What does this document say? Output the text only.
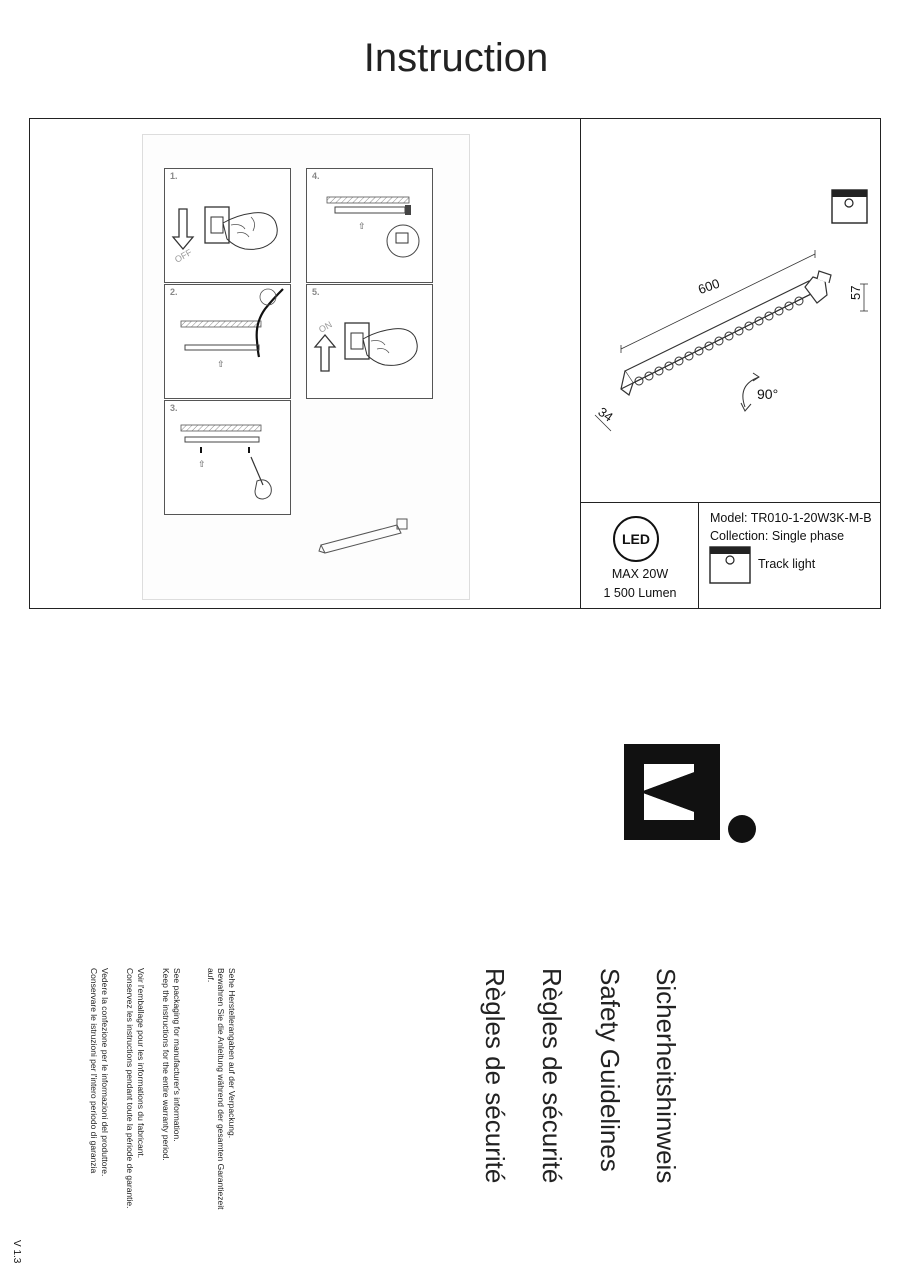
Instruction
1.
OFF
4.
⇧
2.
⇧
5.
ON
3.
⇧
600	57
34
90°
LED
MAX 20W
1 500 Lumen
Model: TR010-1-20W3K-M-B
Collection: Single phase
Track light
Sicherheitshinweis
Safety Guidelines
Règles de sécurité
Règles de sécurité
Sehe Herstellerangaben auf der Verpackung.
Bewahren Sie die Anleitung während der gesamten Garantiezeit
auf.
See packaging for manufacturer's information.
Keep the instructions for the entire warranty period.
Voir l'emballage pour les informations du fabricant.
Conservez les instructions pendant toute la période de garantie.
Vedere la confezione per le informazioni del produttore.
Conservare le istruzioni per l'intero periodo di garanzia
V 1.3
